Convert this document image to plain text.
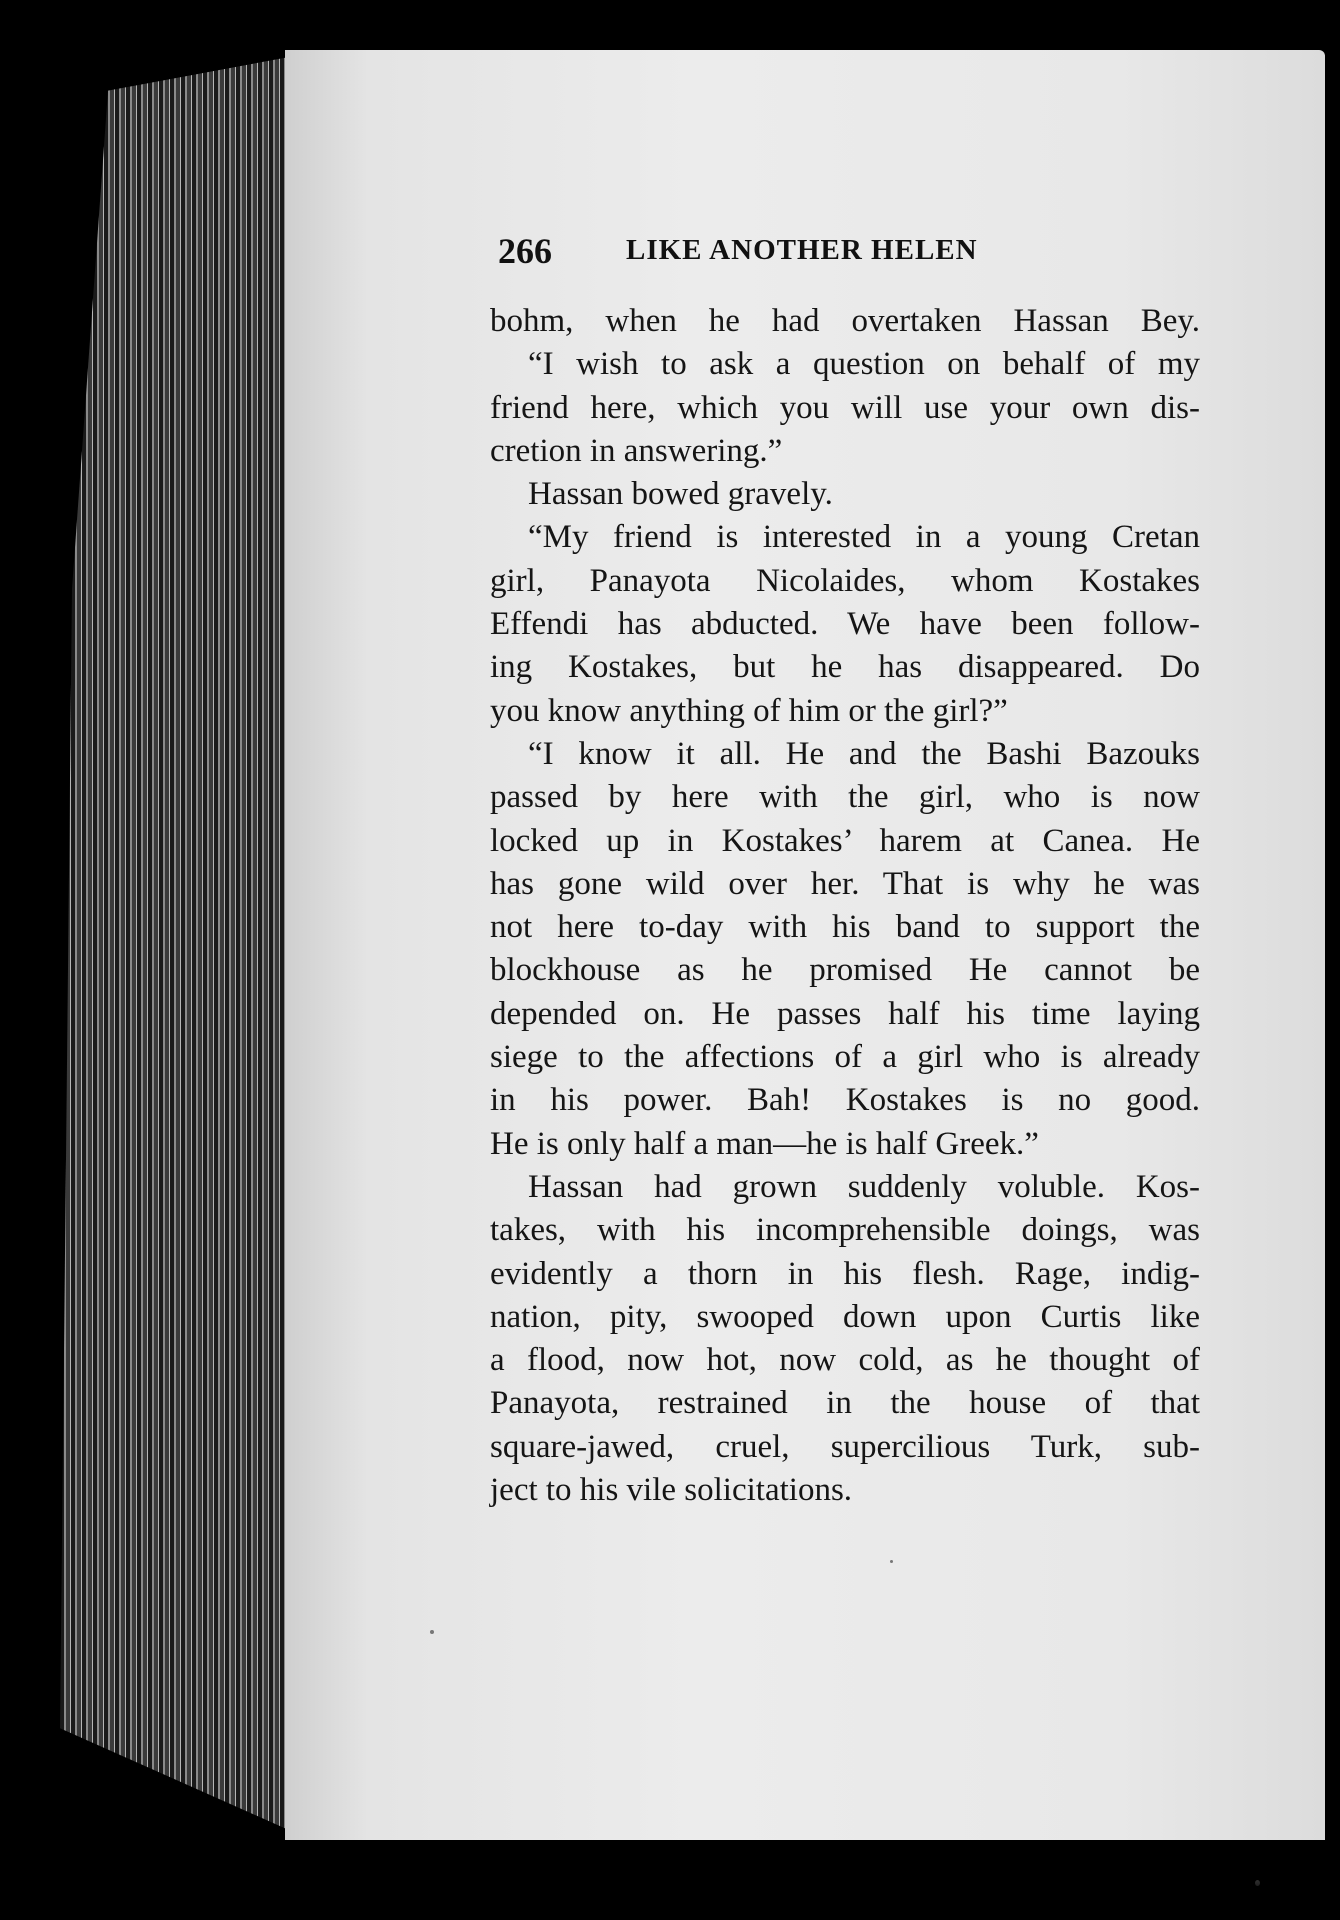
266	LIKE ANOTHER HELEN
bohm, when he had overtaken Hassan Bey.
“I wish to ask a question on behalf of my
friend here, which you will use your own dis-
cretion in answering.”
Hassan bowed gravely.
“My friend is interested in a young Cretan
girl, Panayota Nicolaides, whom Kostakes
Effendi has abducted. We have been follow-
ing Kostakes, but he has disappeared. Do
you know anything of him or the girl?”
“I know it all. He and the Bashi Bazouks
passed by here with the girl, who is now
locked up in Kostakes’ harem at Canea. He
has gone wild over her. That is why he was
not here to-day with his band to support the
blockhouse as he promised He cannot be
depended on. He passes half his time laying
siege to the affections of a girl who is already
in his power. Bah! Kostakes is no good.
He is only half a man—he is half Greek.”
Hassan had grown suddenly voluble. Kos-
takes, with his incomprehensible doings, was
evidently a thorn in his flesh. Rage, indig-
nation, pity, swooped down upon Curtis like
a flood, now hot, now cold, as he thought of
Panayota, restrained in the house of that
square-jawed, cruel, supercilious Turk, sub-
ject to his vile solicitations.
